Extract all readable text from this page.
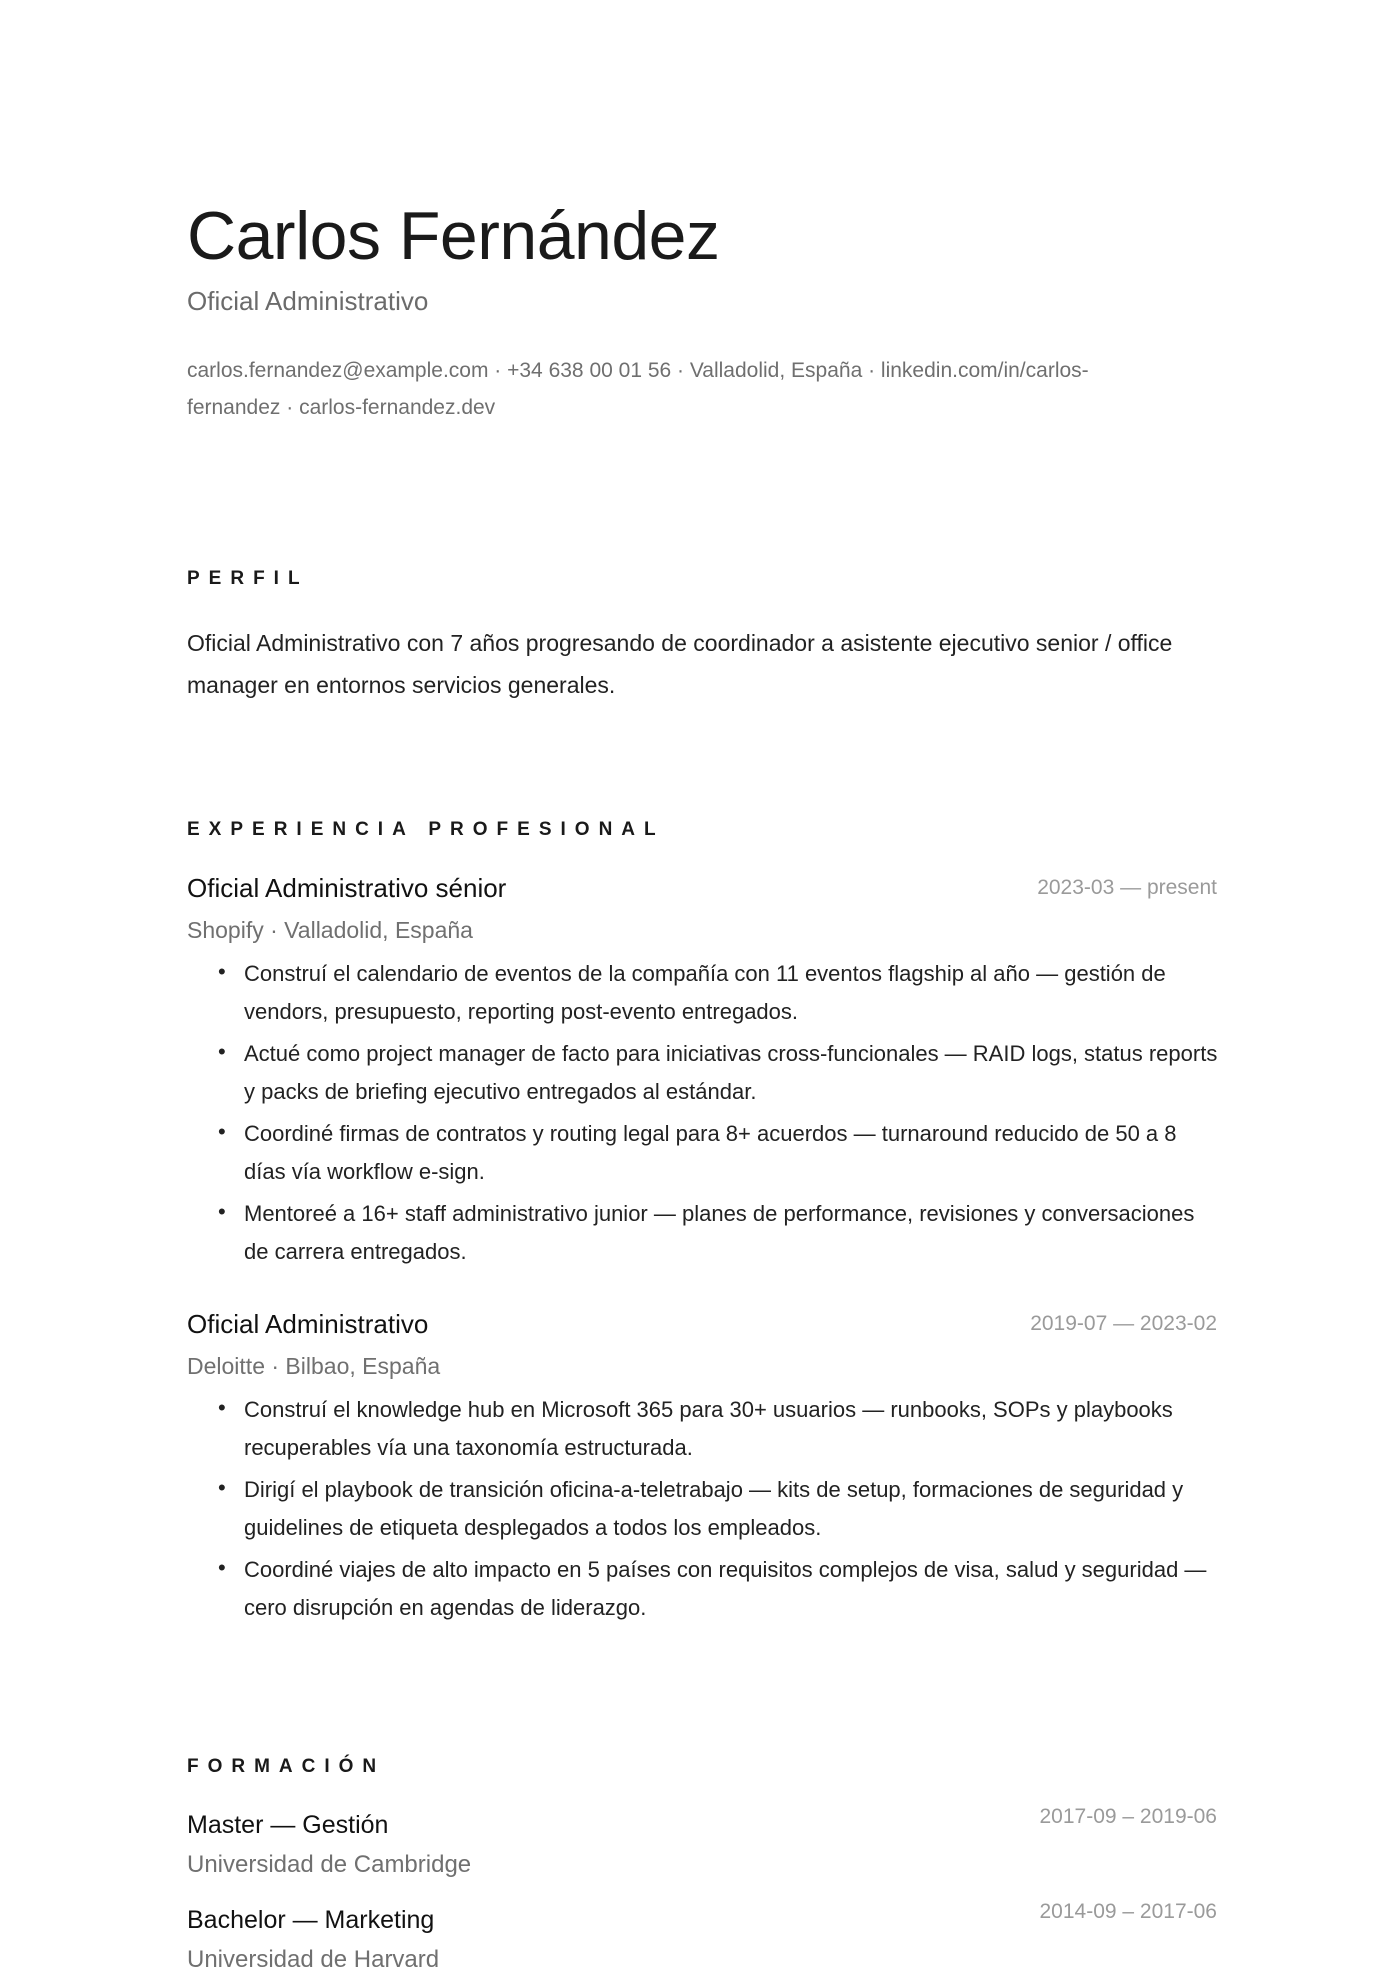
Carlos Fernández
Oficial Administrativo
carlos.fernandez@example.com · +34 638 00 01 56 · Valladolid, España · linkedin.com/in/carlos-fernandez · carlos-fernandez.dev
PERFIL
Oficial Administrativo con 7 años progresando de coordinador a asistente ejecutivo senior / office manager en entornos servicios generales.
EXPERIENCIA PROFESIONAL
Oficial Administrativo sénior	2023-03 — present
Shopify · Valladolid, España
• Construí el calendario de eventos de la compañía con 11 eventos flagship al año — gestión de vendors, presupuesto, reporting post-evento entregados.
• Actué como project manager de facto para iniciativas cross-funcionales — RAID logs, status reports y packs de briefing ejecutivo entregados al estándar.
• Coordiné firmas de contratos y routing legal para 8+ acuerdos — turnaround reducido de 50 a 8 días vía workflow e-sign.
• Mentoreé a 16+ staff administrativo junior — planes de performance, revisiones y conversaciones de carrera entregados.
Oficial Administrativo	2019-07 — 2023-02
Deloitte · Bilbao, España
• Construí el knowledge hub en Microsoft 365 para 30+ usuarios — runbooks, SOPs y playbooks recuperables vía una taxonomía estructurada.
• Dirigí el playbook de transición oficina-a-teletrabajo — kits de setup, formaciones de seguridad y guidelines de etiqueta desplegados a todos los empleados.
• Coordiné viajes de alto impacto en 5 países con requisitos complejos de visa, salud y seguridad — cero disrupción en agendas de liderazgo.
FORMACIÓN
Master — Gestión	2017-09 – 2019-06
Universidad de Cambridge
Bachelor — Marketing	2014-09 – 2017-06
Universidad de Harvard
